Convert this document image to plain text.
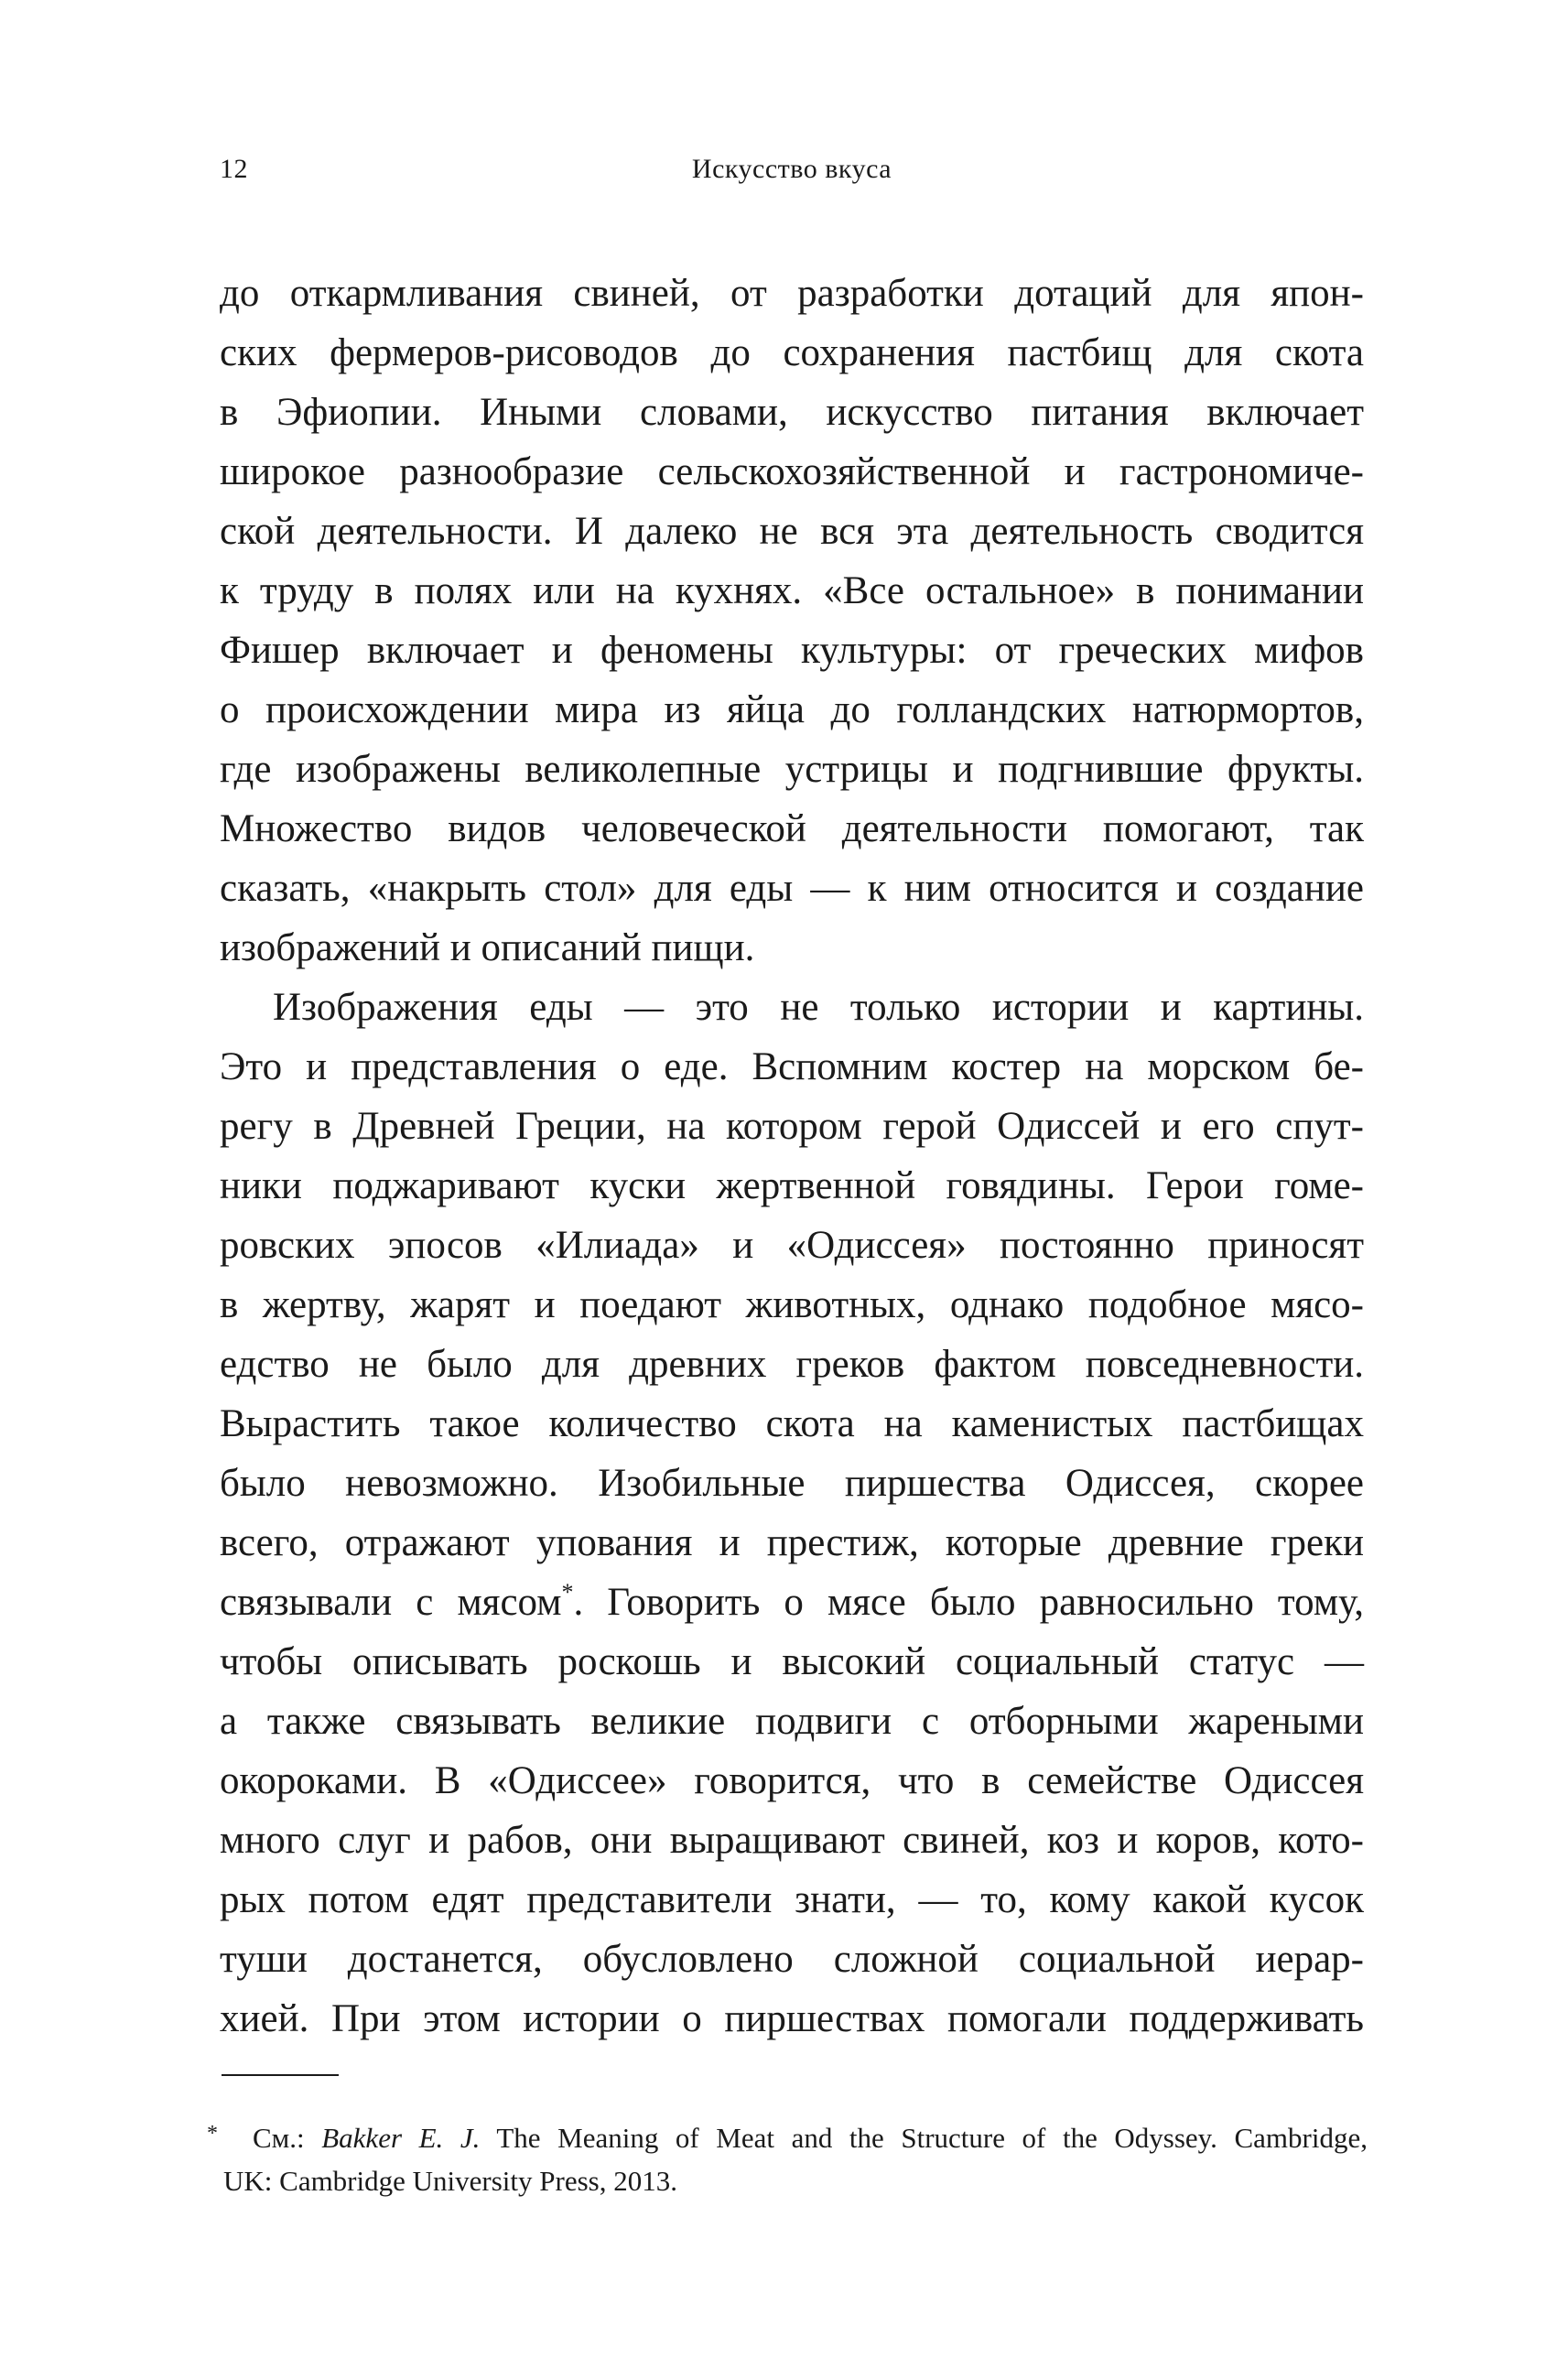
12	Искусство вкуса
до откармливания свиней, от разработки дотаций для япон-
ских фермеров-рисоводов до сохранения пастбищ для скота
в Эфиопии. Иными словами, искусство питания включает
широкое разнообразие сельскохозяйственной и гастрономиче-
ской деятельности. И далеко не вся эта деятельность сводится
к труду в полях или на кухнях. «Все остальное» в понимании
Фишер включает и феномены культуры: от греческих мифов
о происхождении мира из яйца до голландских натюрмортов,
где изображены великолепные устрицы и подгнившие фрукты.
Множество видов человеческой деятельности помогают, так
сказать, «накрыть стол» для еды — к ним относится и создание
изображений и описаний пищи.
Изображения еды — это не только истории и картины.
Это и представления о еде. Вспомним костер на морском бе-
регу в Древней Греции, на котором герой Одиссей и его спут-
ники поджаривают куски жертвенной говядины. Герои гоме-
ровских эпосов «Илиада» и «Одиссея» постоянно приносят
в жертву, жарят и поедают животных, однако подобное мясо-
едство не было для древних греков фактом повседневности.
Вырастить такое количество скота на каменистых пастбищах
было невозможно. Изобильные пиршества Одиссея, скорее
всего, отражают упования и престиж, которые древние греки
связывали с мясом*. Говорить о мясе было равносильно тому,
чтобы описывать роскошь и высокий социальный статус —
а также связывать великие подвиги с отборными жареными
окороками. В «Одиссее» говорится, что в семействе Одиссея
много слуг и рабов, они выращивают свиней, коз и коров, кото-
рых потом едят представители знати, — то, кому какой кусок
туши достанется, обусловлено сложной социальной иерар-
хией. При этом истории о пиршествах помогали поддерживать
* См.: Bakker E. J. The Meaning of Meat and the Structure of the Odyssey. Cambridge,
UK: Cambridge University Press, 2013.
